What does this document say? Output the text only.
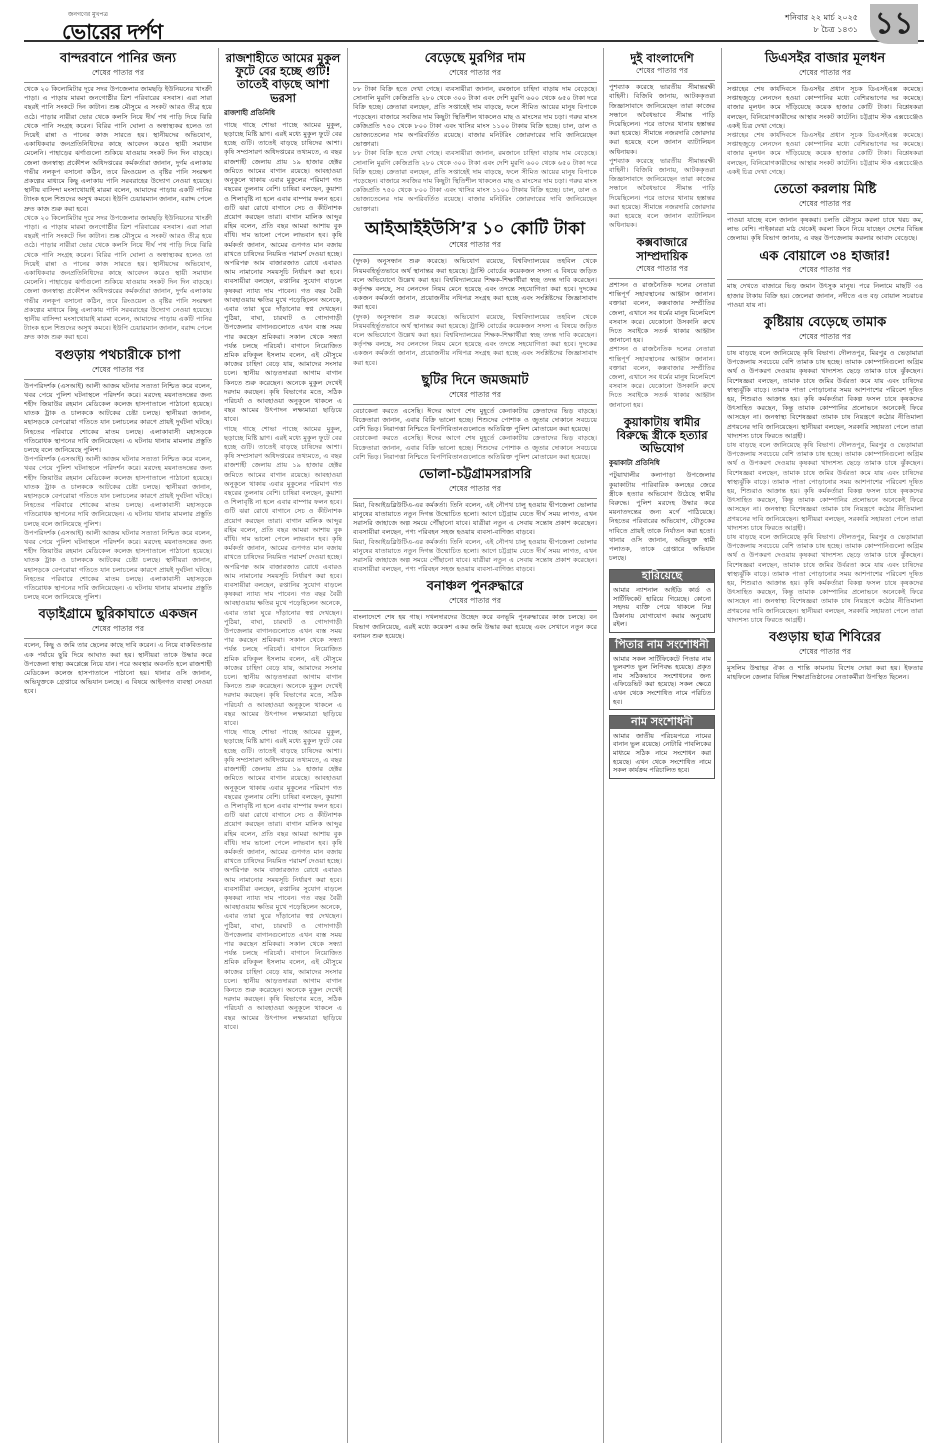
জনগণের মুখপত্র
ভোরের দর্পণ
শনিবার ২২ মার্চ ২০২৫
৮ চৈত্র ১৪৩১ ১১
বান্দরবানে পানির জন্য
শেষের পাতার পর
থেকে ২০ কিলোমিটার দূরে সদর উপজেলার জামছড়ি ইউনিয়নের খাংক্রী পাড়া। এ পাড়ায় মারমা জনগোষ্ঠীর ত্রিশ পরিবারের বসবাস। এরা সারা বছরই পানি সংকটে দিন কাটান। শুষ্ক মৌসুমে এ সংকট আরও তীব্র হয়ে ওঠে। পাড়ার নারীরা ভোর থেকে কলসি নিয়ে দীর্ঘ পথ পাড়ি দিয়ে ঝিরি থেকে পানি সংগ্রহ করেন। বিরির পানি ঘোলা ও অস্বাস্থ্যকর হলেও তা দিয়েই রান্না ও পানের কাজ সারতে হয়। স্থানীয়দের অভিযোগ, একাধিকবার জনপ্রতিনিধিদের কাছে আবেদন করেও স্থায়ী সমাধান মেলেনি। পাহাড়ের ঝর্ণাগুলো শুকিয়ে যাওয়ায় সংকট দিন দিন বাড়ছে। জেলা জনস্বাস্থ্য প্রকৌশল অধিদপ্তরের কর্মকর্তারা জানান, দুর্গম এলাকায় গভীর নলকূপ বসানো কঠিন, তবে রিংওয়েল ও বৃষ্টির পানি সংরক্ষণ প্রকল্পের মাধ্যমে কিছু এলাকায় পানি সরবরাহের উদ্যোগ নেওয়া হয়েছে। স্থানীয় বাসিন্দা মংসাথোয়াই মারমা বলেন, আমাদের পাড়ায় একটি পানির ট্যাংক হলে শিশুদের অসুখ কমবে। ইউপি চেয়ারম্যান জানান, বরাদ্দ পেলে দ্রুত কাজ শুরু করা হবে।
থেকে ২০ কিলোমিটার দূরে সদর উপজেলার জামছড়ি ইউনিয়নের খাংক্রী পাড়া। এ পাড়ায় মারমা জনগোষ্ঠীর ত্রিশ পরিবারের বসবাস। এরা সারা বছরই পানি সংকটে দিন কাটান। শুষ্ক মৌসুমে এ সংকট আরও তীব্র হয়ে ওঠে। পাড়ার নারীরা ভোর থেকে কলসি নিয়ে দীর্ঘ পথ পাড়ি দিয়ে ঝিরি থেকে পানি সংগ্রহ করেন। বিরির পানি ঘোলা ও অস্বাস্থ্যকর হলেও তা দিয়েই রান্না ও পানের কাজ সারতে হয়। স্থানীয়দের অভিযোগ, একাধিকবার জনপ্রতিনিধিদের কাছে আবেদন করেও স্থায়ী সমাধান মেলেনি। পাহাড়ের ঝর্ণাগুলো শুকিয়ে যাওয়ায় সংকট দিন দিন বাড়ছে। জেলা জনস্বাস্থ্য প্রকৌশল অধিদপ্তরের কর্মকর্তারা জানান, দুর্গম এলাকায় গভীর নলকূপ বসানো কঠিন, তবে রিংওয়েল ও বৃষ্টির পানি সংরক্ষণ প্রকল্পের মাধ্যমে কিছু এলাকায় পানি সরবরাহের উদ্যোগ নেওয়া হয়েছে। স্থানীয় বাসিন্দা মংসাথোয়াই মারমা বলেন, আমাদের পাড়ায় একটি পানির ট্যাংক হলে শিশুদের অসুখ কমবে। ইউপি চেয়ারম্যান জানান, বরাদ্দ পেলে দ্রুত কাজ শুরু করা হবে।
বগুড়ায় পথচারীকে চাপা
শেষের পাতার পর
উপপরিদর্শক (এসআই) আলী আজম ঘটনার সত্যতা নিশ্চিত করে বলেন, খবর পেয়ে পুলিশ ঘটনাস্থলে পরিদর্শন করে। মরদেহ ময়নাতদন্তের জন্য শহীদ জিয়াউর রহমান মেডিকেল কলেজ হাসপাতালে পাঠানো হয়েছে। ঘাতক ট্রাক ও চালককে আটকের চেষ্টা চলছে। স্থানীয়রা জানান, মহাসড়কে বেপরোয়া গতিতে যান চলাচলের কারণে প্রায়ই দুর্ঘটনা ঘটছে। নিহতের পরিবারে শোকের মাতম চলছে। এলাকাবাসী মহাসড়কে গতিরোধক স্থাপনের দাবি জানিয়েছেন। এ ঘটনায় থানায় মামলার প্রস্তুতি চলছে বলে জানিয়েছে পুলিশ।
উপপরিদর্শক (এসআই) আলী আজম ঘটনার সত্যতা নিশ্চিত করে বলেন, খবর পেয়ে পুলিশ ঘটনাস্থলে পরিদর্শন করে। মরদেহ ময়নাতদন্তের জন্য শহীদ জিয়াউর রহমান মেডিকেল কলেজ হাসপাতালে পাঠানো হয়েছে। ঘাতক ট্রাক ও চালককে আটকের চেষ্টা চলছে। স্থানীয়রা জানান, মহাসড়কে বেপরোয়া গতিতে যান চলাচলের কারণে প্রায়ই দুর্ঘটনা ঘটছে। নিহতের পরিবারে শোকের মাতম চলছে। এলাকাবাসী মহাসড়কে গতিরোধক স্থাপনের দাবি জানিয়েছেন। এ ঘটনায় থানায় মামলার প্রস্তুতি চলছে বলে জানিয়েছে পুলিশ।
উপপরিদর্শক (এসআই) আলী আজম ঘটনার সত্যতা নিশ্চিত করে বলেন, খবর পেয়ে পুলিশ ঘটনাস্থলে পরিদর্শন করে। মরদেহ ময়নাতদন্তের জন্য শহীদ জিয়াউর রহমান মেডিকেল কলেজ হাসপাতালে পাঠানো হয়েছে। ঘাতক ট্রাক ও চালককে আটকের চেষ্টা চলছে। স্থানীয়রা জানান, মহাসড়কে বেপরোয়া গতিতে যান চলাচলের কারণে প্রায়ই দুর্ঘটনা ঘটছে। নিহতের পরিবারে শোকের মাতম চলছে। এলাকাবাসী মহাসড়কে গতিরোধক স্থাপনের দাবি জানিয়েছেন। এ ঘটনায় থানায় মামলার প্রস্তুতি চলছে বলে জানিয়েছে পুলিশ।
বড়াইগ্রামে ছুরিকাঘাতে একজন
শেষের পাতার পর
বলেন, কিছু ও জমি তার ছেলের কাছে দাবি করেন। এ নিয়ে বাকবিতণ্ডার এক পর্যায়ে ছুরি দিয়ে আঘাত করা হয়। স্থানীয়রা তাকে উদ্ধার করে উপজেলা স্বাস্থ্য কমপ্লেক্সে নিয়ে যান। পরে অবস্থার অবনতি হলে রাজশাহী মেডিকেল কলেজ হাসপাতালে পাঠানো হয়। থানার ওসি জানান, অভিযুক্তকে গ্রেপ্তারে অভিযান চলছে। এ বিষয়ে আইনগত ব্যবস্থা নেওয়া হবে।
রাজশাহীতে আমের মুকুল ফুটে বের হচ্ছে গুটি! তাতেই বাড়ছে আশা ভরসা
রাজশাহী প্রতিনিধি
গাছে গাছে শোভা পাচ্ছে আমের মুকুল, ছড়াচ্ছে মিষ্টি ঘ্রাণ। এরই মধ্যে মুকুল ফুটে বের হচ্ছে গুটি। তাতেই বাড়ছে চাষিদের আশা। কৃষি সম্প্রসারণ অধিদপ্তরের তথ্যমতে, এ বছর রাজশাহী জেলায় প্রায় ১৯ হাজার হেক্টর জমিতে আমের বাগান রয়েছে। আবহাওয়া অনুকূলে থাকায় এবার মুকুলের পরিমাণ গত বছরের তুলনায় বেশি। চাষিরা বলছেন, কুয়াশা ও শিলাবৃষ্টি না হলে এবার বাম্পার ফলন হবে। গুটি ঝরা রোধে বাগানে সেচ ও কীটনাশক প্রয়োগ করছেন তারা। বাগান মালিক আব্দুর রহিম বলেন, প্রতি বছর আমরা আশায় বুক বাঁধি। দাম ভালো পেলে লাভবান হব। কৃষি কর্মকর্তা জানান, আমের গুণগত মান বজায় রাখতে চাষিদের নিয়মিত পরামর্শ দেওয়া হচ্ছে। অপরিপক্ব আম বাজারজাত রোধে এবারও আম নামানোর সময়সূচি নির্ধারণ করা হবে। ব্যবসায়ীরা বলছেন, রপ্তানির সুযোগ বাড়লে কৃষকরা ন্যায্য দাম পাবেন। গত বছর বৈরী আবহাওয়ায় ক্ষতির মুখে পড়েছিলেন অনেকে, এবার তারা ঘুরে দাঁড়ানোর স্বপ্ন দেখছেন। পুঠিয়া, বাঘা, চারঘাট ও গোদাগাড়ী উপজেলার বাগানগুলোতে এখন ব্যস্ত সময় পার করছেন শ্রমিকরা। সকাল থেকে সন্ধ্যা পর্যন্ত চলছে পরিচর্যা। বাগানে নিয়োজিত শ্রমিক রফিকুল ইসলাম বলেন, এই মৌসুমে কাজের চাহিদা বেড়ে যায়, আমাদের সংসার চলে। স্থানীয় আড়তদাররা আগাম বাগান কিনতে শুরু করেছেন। অনেকে মুকুল দেখেই দরদাম করছেন। কৃষি বিভাগের মতে, সঠিক পরিচর্যা ও আবহাওয়া অনুকূলে থাকলে এ বছর আমের উৎপাদন লক্ষ্যমাত্রা ছাড়িয়ে যাবে।
গাছে গাছে শোভা পাচ্ছে আমের মুকুল, ছড়াচ্ছে মিষ্টি ঘ্রাণ। এরই মধ্যে মুকুল ফুটে বের হচ্ছে গুটি। তাতেই বাড়ছে চাষিদের আশা। কৃষি সম্প্রসারণ অধিদপ্তরের তথ্যমতে, এ বছর রাজশাহী জেলায় প্রায় ১৯ হাজার হেক্টর জমিতে আমের বাগান রয়েছে। আবহাওয়া অনুকূলে থাকায় এবার মুকুলের পরিমাণ গত বছরের তুলনায় বেশি। চাষিরা বলছেন, কুয়াশা ও শিলাবৃষ্টি না হলে এবার বাম্পার ফলন হবে। গুটি ঝরা রোধে বাগানে সেচ ও কীটনাশক প্রয়োগ করছেন তারা। বাগান মালিক আব্দুর রহিম বলেন, প্রতি বছর আমরা আশায় বুক বাঁধি। দাম ভালো পেলে লাভবান হব। কৃষি কর্মকর্তা জানান, আমের গুণগত মান বজায় রাখতে চাষিদের নিয়মিত পরামর্শ দেওয়া হচ্ছে। অপরিপক্ব আম বাজারজাত রোধে এবারও আম নামানোর সময়সূচি নির্ধারণ করা হবে। ব্যবসায়ীরা বলছেন, রপ্তানির সুযোগ বাড়লে কৃষকরা ন্যায্য দাম পাবেন। গত বছর বৈরী আবহাওয়ায় ক্ষতির মুখে পড়েছিলেন অনেকে, এবার তারা ঘুরে দাঁড়ানোর স্বপ্ন দেখছেন। পুঠিয়া, বাঘা, চারঘাট ও গোদাগাড়ী উপজেলার বাগানগুলোতে এখন ব্যস্ত সময় পার করছেন শ্রমিকরা। সকাল থেকে সন্ধ্যা পর্যন্ত চলছে পরিচর্যা। বাগানে নিয়োজিত শ্রমিক রফিকুল ইসলাম বলেন, এই মৌসুমে কাজের চাহিদা বেড়ে যায়, আমাদের সংসার চলে। স্থানীয় আড়তদাররা আগাম বাগান কিনতে শুরু করেছেন। অনেকে মুকুল দেখেই দরদাম করছেন। কৃষি বিভাগের মতে, সঠিক পরিচর্যা ও আবহাওয়া অনুকূলে থাকলে এ বছর আমের উৎপাদন লক্ষ্যমাত্রা ছাড়িয়ে যাবে।
গাছে গাছে শোভা পাচ্ছে আমের মুকুল, ছড়াচ্ছে মিষ্টি ঘ্রাণ। এরই মধ্যে মুকুল ফুটে বের হচ্ছে গুটি। তাতেই বাড়ছে চাষিদের আশা। কৃষি সম্প্রসারণ অধিদপ্তরের তথ্যমতে, এ বছর রাজশাহী জেলায় প্রায় ১৯ হাজার হেক্টর জমিতে আমের বাগান রয়েছে। আবহাওয়া অনুকূলে থাকায় এবার মুকুলের পরিমাণ গত বছরের তুলনায় বেশি। চাষিরা বলছেন, কুয়াশা ও শিলাবৃষ্টি না হলে এবার বাম্পার ফলন হবে। গুটি ঝরা রোধে বাগানে সেচ ও কীটনাশক প্রয়োগ করছেন তারা। বাগান মালিক আব্দুর রহিম বলেন, প্রতি বছর আমরা আশায় বুক বাঁধি। দাম ভালো পেলে লাভবান হব। কৃষি কর্মকর্তা জানান, আমের গুণগত মান বজায় রাখতে চাষিদের নিয়মিত পরামর্শ দেওয়া হচ্ছে। অপরিপক্ব আম বাজারজাত রোধে এবারও আম নামানোর সময়সূচি নির্ধারণ করা হবে। ব্যবসায়ীরা বলছেন, রপ্তানির সুযোগ বাড়লে কৃষকরা ন্যায্য দাম পাবেন। গত বছর বৈরী আবহাওয়ায় ক্ষতির মুখে পড়েছিলেন অনেকে, এবার তারা ঘুরে দাঁড়ানোর স্বপ্ন দেখছেন। পুঠিয়া, বাঘা, চারঘাট ও গোদাগাড়ী উপজেলার বাগানগুলোতে এখন ব্যস্ত সময় পার করছেন শ্রমিকরা। সকাল থেকে সন্ধ্যা পর্যন্ত চলছে পরিচর্যা। বাগানে নিয়োজিত শ্রমিক রফিকুল ইসলাম বলেন, এই মৌসুমে কাজের চাহিদা বেড়ে যায়, আমাদের সংসার চলে। স্থানীয় আড়তদাররা আগাম বাগান কিনতে শুরু করেছেন। অনেকে মুকুল দেখেই দরদাম করছেন। কৃষি বিভাগের মতে, সঠিক পরিচর্যা ও আবহাওয়া অনুকূলে থাকলে এ বছর আমের উৎপাদন লক্ষ্যমাত্রা ছাড়িয়ে যাবে।
বেড়েছে মুরগির দাম
শেষের পাতার পর
৮৮ টাকা বিক্রি হতে দেখা গেছে। ব্যবসায়ীরা জানান, রমজানে চাহিদা বাড়ায় দাম বেড়েছে। সোনালি মুরগি কেজিপ্রতি ২৮০ থেকে ৩০০ টাকা এবং দেশি মুরগি ৬০০ থেকে ৬৫০ টাকা দরে বিক্রি হচ্ছে। ক্রেতারা বলছেন, প্রতি সপ্তাহেই দাম বাড়ছে, ফলে সীমিত আয়ের মানুষ বিপাকে পড়েছেন। বাজারে সবজির দাম কিছুটা স্থিতিশীল থাকলেও মাছ ও মাংসের দাম চড়া। গরুর মাংস কেজিপ্রতি ৭৫০ থেকে ৮০০ টাকা এবং খাসির মাংস ১১০০ টাকায় বিক্রি হচ্ছে। চাল, ডাল ও ভোজ্যতেলের দাম অপরিবর্তিত রয়েছে। বাজার মনিটরিং জোরদারের দাবি জানিয়েছেন ভোক্তারা।
৮৮ টাকা বিক্রি হতে দেখা গেছে। ব্যবসায়ীরা জানান, রমজানে চাহিদা বাড়ায় দাম বেড়েছে। সোনালি মুরগি কেজিপ্রতি ২৮০ থেকে ৩০০ টাকা এবং দেশি মুরগি ৬০০ থেকে ৬৫০ টাকা দরে বিক্রি হচ্ছে। ক্রেতারা বলছেন, প্রতি সপ্তাহেই দাম বাড়ছে, ফলে সীমিত আয়ের মানুষ বিপাকে পড়েছেন। বাজারে সবজির দাম কিছুটা স্থিতিশীল থাকলেও মাছ ও মাংসের দাম চড়া। গরুর মাংস কেজিপ্রতি ৭৫০ থেকে ৮০০ টাকা এবং খাসির মাংস ১১০০ টাকায় বিক্রি হচ্ছে। চাল, ডাল ও ভোজ্যতেলের দাম অপরিবর্তিত রয়েছে। বাজার মনিটরিং জোরদারের দাবি জানিয়েছেন ভোক্তারা।
আইআইইউসি’র ১০ কোটি টাকা
শেষের পাতার পর
(দুদক) অনুসন্ধান শুরু করেছে। অভিযোগ রয়েছে, বিশ্ববিদ্যালয়ের তহবিল থেকে নিয়মবহির্ভূতভাবে অর্থ স্থানান্তর করা হয়েছে। ট্রাস্টি বোর্ডের কয়েকজন সদস্য এ বিষয়ে জড়িত বলে অভিযোগে উল্লেখ করা হয়। বিশ্ববিদ্যালয়ের শিক্ষক-শিক্ষার্থীরা স্বচ্ছ তদন্ত দাবি করেছেন। কর্তৃপক্ষ বলছে, সব লেনদেন নিয়ম মেনে হয়েছে এবং তদন্তে সহযোগিতা করা হবে। দুদকের একজন কর্মকর্তা জানান, প্রয়োজনীয় নথিপত্র সংগ্রহ করা হচ্ছে এবং সংশ্লিষ্টদের জিজ্ঞাসাবাদ করা হবে।
(দুদক) অনুসন্ধান শুরু করেছে। অভিযোগ রয়েছে, বিশ্ববিদ্যালয়ের তহবিল থেকে নিয়মবহির্ভূতভাবে অর্থ স্থানান্তর করা হয়েছে। ট্রাস্টি বোর্ডের কয়েকজন সদস্য এ বিষয়ে জড়িত বলে অভিযোগে উল্লেখ করা হয়। বিশ্ববিদ্যালয়ের শিক্ষক-শিক্ষার্থীরা স্বচ্ছ তদন্ত দাবি করেছেন। কর্তৃপক্ষ বলছে, সব লেনদেন নিয়ম মেনে হয়েছে এবং তদন্তে সহযোগিতা করা হবে। দুদকের একজন কর্মকর্তা জানান, প্রয়োজনীয় নথিপত্র সংগ্রহ করা হচ্ছে এবং সংশ্লিষ্টদের জিজ্ঞাসাবাদ করা হবে।
ছুটির দিনে জমজমাট
শেষের পাতার পর
বেচাকেনা করতে এসেছি। ঈদের আগে শেষ মুহূর্তে কেনাকাটায় ক্রেতাদের ভিড় বাড়ছে। বিক্রেতারা জানান, এবার বিক্রি ভালো হচ্ছে। শিশুদের পোশাক ও জুতার দোকানে সবচেয়ে বেশি ভিড়। নিরাপত্তা নিশ্চিতে বিপণিবিতানগুলোতে অতিরিক্ত পুলিশ মোতায়েন করা হয়েছে।
বেচাকেনা করতে এসেছি। ঈদের আগে শেষ মুহূর্তে কেনাকাটায় ক্রেতাদের ভিড় বাড়ছে। বিক্রেতারা জানান, এবার বিক্রি ভালো হচ্ছে। শিশুদের পোশাক ও জুতার দোকানে সবচেয়ে বেশি ভিড়। নিরাপত্তা নিশ্চিতে বিপণিবিতানগুলোতে অতিরিক্ত পুলিশ মোতায়েন করা হয়েছে।
ভোলা-চট্টগ্রামসরাসরি
শেষের পাতার পর
মিয়া, বিআইডব্লিউটিএ-এর কর্মকর্তা। তিনি বলেন, এই নৌপথ চালু হওয়ায় দ্বীপজেলা ভোলার মানুষের যাতায়াতে নতুন দিগন্ত উন্মোচিত হলো। আগে চট্টগ্রাম যেতে দীর্ঘ সময় লাগত, এখন সরাসরি জাহাজে অল্প সময়ে পৌঁছানো যাবে। যাত্রীরা নতুন এ সেবায় সন্তোষ প্রকাশ করেছেন। ব্যবসায়ীরা বলছেন, পণ্য পরিবহন সহজ হওয়ায় ব্যবসা-বাণিজ্য বাড়বে।
মিয়া, বিআইডব্লিউটিএ-এর কর্মকর্তা। তিনি বলেন, এই নৌপথ চালু হওয়ায় দ্বীপজেলা ভোলার মানুষের যাতায়াতে নতুন দিগন্ত উন্মোচিত হলো। আগে চট্টগ্রাম যেতে দীর্ঘ সময় লাগত, এখন সরাসরি জাহাজে অল্প সময়ে পৌঁছানো যাবে। যাত্রীরা নতুন এ সেবায় সন্তোষ প্রকাশ করেছেন। ব্যবসায়ীরা বলছেন, পণ্য পরিবহন সহজ হওয়ায় ব্যবসা-বাণিজ্য বাড়বে।
বনাঞ্চল পুনরুদ্ধারে
শেষের পাতার পর
বাংলাদেশে শেষ হয় গাছ। দখলদারদের উচ্ছেদ করে বনভূমি পুনরুদ্ধারের কাজ চলছে। বন বিভাগ জানিয়েছে, এরই মধ্যে কয়েকশ একর জমি উদ্ধার করা হয়েছে এবং সেখানে নতুন করে বনায়ন শুরু হয়েছে।
দুই বাংলাদেশি
শেষের পাতার পর
পুশব্যাক করেছে ভারতীয় সীমান্তরক্ষী বাহিনী। বিজিবি জানায়, আটককৃতরা জিজ্ঞাসাবাদে জানিয়েছেন তারা কাজের সন্ধানে অবৈধভাবে সীমান্ত পাড়ি দিয়েছিলেন। পরে তাদের থানায় হস্তান্তর করা হয়েছে। সীমান্তে নজরদারি জোরদার করা হয়েছে বলে জানান ব্যাটালিয়ন অধিনায়ক।
পুশব্যাক করেছে ভারতীয় সীমান্তরক্ষী বাহিনী। বিজিবি জানায়, আটককৃতরা জিজ্ঞাসাবাদে জানিয়েছেন তারা কাজের সন্ধানে অবৈধভাবে সীমান্ত পাড়ি দিয়েছিলেন। পরে তাদের থানায় হস্তান্তর করা হয়েছে। সীমান্তে নজরদারি জোরদার করা হয়েছে বলে জানান ব্যাটালিয়ন অধিনায়ক।
কক্সবাজারে সাম্প্রদায়িক
শেষের পাতার পর
প্রশাসন ও রাজনৈতিক দলের নেতারা শান্তিপূর্ণ সহাবস্থানের আহ্বান জানান। বক্তারা বলেন, কক্সবাজার সম্প্রীতির জেলা, এখানে সব ধর্মের মানুষ মিলেমিশে বসবাস করে। যেকোনো উসকানি রুখে দিতে সবাইকে সতর্ক থাকার আহ্বান জানানো হয়।
প্রশাসন ও রাজনৈতিক দলের নেতারা শান্তিপূর্ণ সহাবস্থানের আহ্বান জানান। বক্তারা বলেন, কক্সবাজার সম্প্রীতির জেলা, এখানে সব ধর্মের মানুষ মিলেমিশে বসবাস করে। যেকোনো উসকানি রুখে দিতে সবাইকে সতর্ক থাকার আহ্বান জানানো হয়।
কুয়াকাটায় স্বামীর বিরুদ্ধে স্ত্রীকে হত্যার অভিযোগ
কুয়াকাটা প্রতিনিধি
পটুয়াখালীর কলাপাড়া উপজেলার কুয়াকাটায় পারিবারিক কলহের জেরে স্ত্রীকে হত্যার অভিযোগ উঠেছে স্বামীর বিরুদ্ধে। পুলিশ মরদেহ উদ্ধার করে ময়নাতদন্তের জন্য মর্গে পাঠিয়েছে। নিহতের পরিবারের অভিযোগ, যৌতুকের দাবিতে প্রায়ই তাকে নির্যাতন করা হতো। থানার ওসি জানান, অভিযুক্ত স্বামী পলাতক, তাকে গ্রেপ্তারে অভিযান চলছে।
হারিয়েছে
আমার ন্যাশনাল আইডি কার্ড ও সার্টিফিকেট হারিয়ে গিয়েছে। কোনো সহৃদয় ব্যক্তি পেয়ে থাকলে নিম্ন ঠিকানায় যোগাযোগ করার অনুরোধ রইল।
পিতার নাম সংশোধনী
আমার সকল সার্টিফিকেটে পিতার নাম ভুলবশত ভুল লিপিবদ্ধ হয়েছে। প্রকৃত নাম সঠিকভাবে সংশোধনের জন্য এফিডেভিট করা হয়েছে। সকল ক্ষেত্রে এখন থেকে সংশোধিত নামে পরিচিত হব।
নাম সংশোধনী
আমার জাতীয় পরিচয়পত্রে নামের বানান ভুল রয়েছে। নোটারি পাবলিকের মাধ্যমে সঠিক নামে সংশোধন করা হয়েছে। এখন থেকে সংশোধিত নামে সকল কার্যক্রম পরিচালিত হবে।
ডিএসইর বাজার মূলধন
শেষের পাতার পর
সপ্তাহের শেষ কার্যদিবসে ডিএসইর প্রধান সূচক ডিএসইএক্স কমেছে। সপ্তাহজুড়ে লেনদেন হওয়া কোম্পানির মধ্যে বেশিরভাগের দর কমেছে। বাজার মূলধন কমে দাঁড়িয়েছে কয়েক হাজার কোটি টাকা। বিশ্লেষকরা বলছেন, বিনিয়োগকারীদের আস্থার সংকট কাটেনি। চট্টগ্রাম স্টক এক্সচেঞ্জেও একই চিত্র দেখা গেছে।
সপ্তাহের শেষ কার্যদিবসে ডিএসইর প্রধান সূচক ডিএসইএক্স কমেছে। সপ্তাহজুড়ে লেনদেন হওয়া কোম্পানির মধ্যে বেশিরভাগের দর কমেছে। বাজার মূলধন কমে দাঁড়িয়েছে কয়েক হাজার কোটি টাকা। বিশ্লেষকরা বলছেন, বিনিয়োগকারীদের আস্থার সংকট কাটেনি। চট্টগ্রাম স্টক এক্সচেঞ্জেও একই চিত্র দেখা গেছে।
তেতো করলায় মিষ্টি
শেষের পাতার পর
পাওয়া যাচ্ছে বলে জানান কৃষকরা। চলতি মৌসুমে করলা চাষে খরচ কম, লাভ বেশি। পাইকাররা মাঠ থেকেই করলা কিনে নিয়ে যাচ্ছেন দেশের বিভিন্ন জেলায়। কৃষি বিভাগ জানায়, এ বছর উপজেলায় করলার আবাদ বেড়েছে।
এক বোয়ালে ৩৪ হাজার!
শেষের পাতার পর
মাছ দেখতে বাজারে ভিড় জমান উৎসুক মানুষ। পরে নিলামে মাছটি ৩৪ হাজার টাকায় বিক্রি হয়। জেলেরা জানান, নদীতে এত বড় বোয়াল সচরাচর পাওয়া যায় না।
কুষ্টিয়ায় বেড়েছে তামাক
শেষের পাতার পর
চাষ বাড়ছে বলে জানিয়েছে কৃষি বিভাগ। দৌলতপুর, মিরপুর ও ভেড়ামারা উপজেলায় সবচেয়ে বেশি তামাক চাষ হচ্ছে। তামাক কোম্পানিগুলো অগ্রিম অর্থ ও উপকরণ দেওয়ায় কৃষকরা খাদ্যশস্য ছেড়ে তামাক চাষে ঝুঁকছেন। বিশেষজ্ঞরা বলছেন, তামাক চাষে জমির উর্বরতা কমে যায় এবং চাষিদের স্বাস্থ্যঝুঁকি বাড়ে। তামাক পাতা পোড়ানোর সময় আশপাশের পরিবেশ দূষিত হয়, শিশুরাও আক্রান্ত হয়। কৃষি কর্মকর্তারা বিকল্প ফসল চাষে কৃষকদের উৎসাহিত করছেন, কিন্তু তামাক কোম্পানির প্রলোভনে অনেকেই ফিরে আসছেন না। জনস্বাস্থ্য বিশেষজ্ঞরা তামাক চাষ নিয়ন্ত্রণে কঠোর নীতিমালা প্রণয়নের দাবি জানিয়েছেন। স্থানীয়রা বলছেন, সরকারি সহায়তা পেলে তারা খাদ্যশস্য চাষে ফিরতে আগ্রহী।
চাষ বাড়ছে বলে জানিয়েছে কৃষি বিভাগ। দৌলতপুর, মিরপুর ও ভেড়ামারা উপজেলায় সবচেয়ে বেশি তামাক চাষ হচ্ছে। তামাক কোম্পানিগুলো অগ্রিম অর্থ ও উপকরণ দেওয়ায় কৃষকরা খাদ্যশস্য ছেড়ে তামাক চাষে ঝুঁকছেন। বিশেষজ্ঞরা বলছেন, তামাক চাষে জমির উর্বরতা কমে যায় এবং চাষিদের স্বাস্থ্যঝুঁকি বাড়ে। তামাক পাতা পোড়ানোর সময় আশপাশের পরিবেশ দূষিত হয়, শিশুরাও আক্রান্ত হয়। কৃষি কর্মকর্তারা বিকল্প ফসল চাষে কৃষকদের উৎসাহিত করছেন, কিন্তু তামাক কোম্পানির প্রলোভনে অনেকেই ফিরে আসছেন না। জনস্বাস্থ্য বিশেষজ্ঞরা তামাক চাষ নিয়ন্ত্রণে কঠোর নীতিমালা প্রণয়নের দাবি জানিয়েছেন। স্থানীয়রা বলছেন, সরকারি সহায়তা পেলে তারা খাদ্যশস্য চাষে ফিরতে আগ্রহী।
চাষ বাড়ছে বলে জানিয়েছে কৃষি বিভাগ। দৌলতপুর, মিরপুর ও ভেড়ামারা উপজেলায় সবচেয়ে বেশি তামাক চাষ হচ্ছে। তামাক কোম্পানিগুলো অগ্রিম অর্থ ও উপকরণ দেওয়ায় কৃষকরা খাদ্যশস্য ছেড়ে তামাক চাষে ঝুঁকছেন। বিশেষজ্ঞরা বলছেন, তামাক চাষে জমির উর্বরতা কমে যায় এবং চাষিদের স্বাস্থ্যঝুঁকি বাড়ে। তামাক পাতা পোড়ানোর সময় আশপাশের পরিবেশ দূষিত হয়, শিশুরাও আক্রান্ত হয়। কৃষি কর্মকর্তারা বিকল্প ফসল চাষে কৃষকদের উৎসাহিত করছেন, কিন্তু তামাক কোম্পানির প্রলোভনে অনেকেই ফিরে আসছেন না। জনস্বাস্থ্য বিশেষজ্ঞরা তামাক চাষ নিয়ন্ত্রণে কঠোর নীতিমালা প্রণয়নের দাবি জানিয়েছেন। স্থানীয়রা বলছেন, সরকারি সহায়তা পেলে তারা খাদ্যশস্য চাষে ফিরতে আগ্রহী।
বগুড়ায় ছাত্র শিবিরের
শেষের পাতার পর
মুসলিম উম্মাহর ঐক্য ও শান্তি কামনায় বিশেষ দোয়া করা হয়। ইফতার মাহফিলে জেলার বিভিন্ন শিক্ষাপ্রতিষ্ঠানের নেতাকর্মীরা উপস্থিত ছিলেন।
